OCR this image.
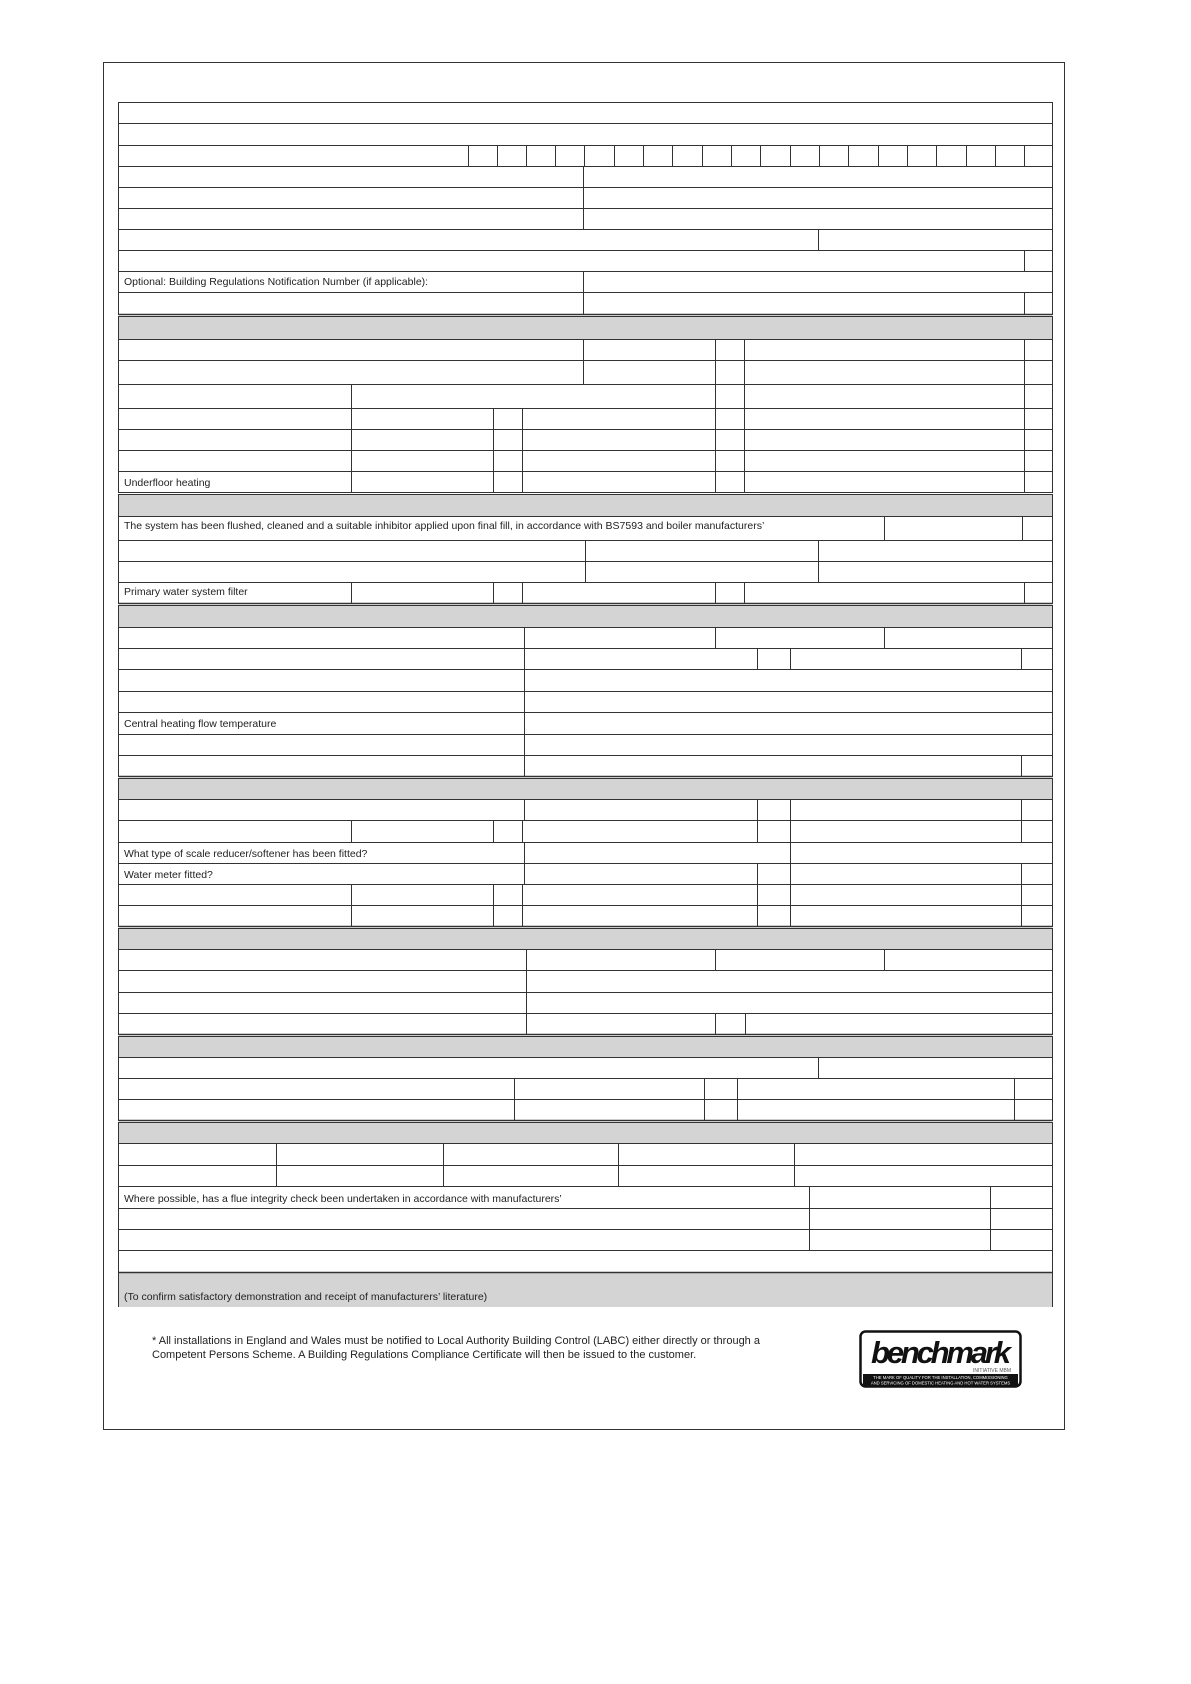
Optional: Building Regulations Notification Number (if applicable):
Underfloor heating
The system has been flushed, cleaned and a suitable inhibitor applied upon final fill, in accordance with BS7593 and boiler manufacturers’
Primary water system filter
Central heating flow temperature
What type of scale reducer/softener has been fitted?
Water meter fitted?
Where possible, has a flue integrity check been undertaken in accordance with manufacturers’
(To confirm satisfactory demonstration and receipt of manufacturers’ literature)
* All installations in England and Wales must be notified to Local Authority Building Control (LABC) either directly or through a
Competent Persons Scheme. A Building Regulations Compliance Certificate will then be issued to the customer.	benchmark
INITIATIVE MBM
THE MARK OF QUALITY FOR THE INSTALLATION, COMMISSIONING
AND SERVICING OF DOMESTIC HEATING AND HOT WATER SYSTEMS
